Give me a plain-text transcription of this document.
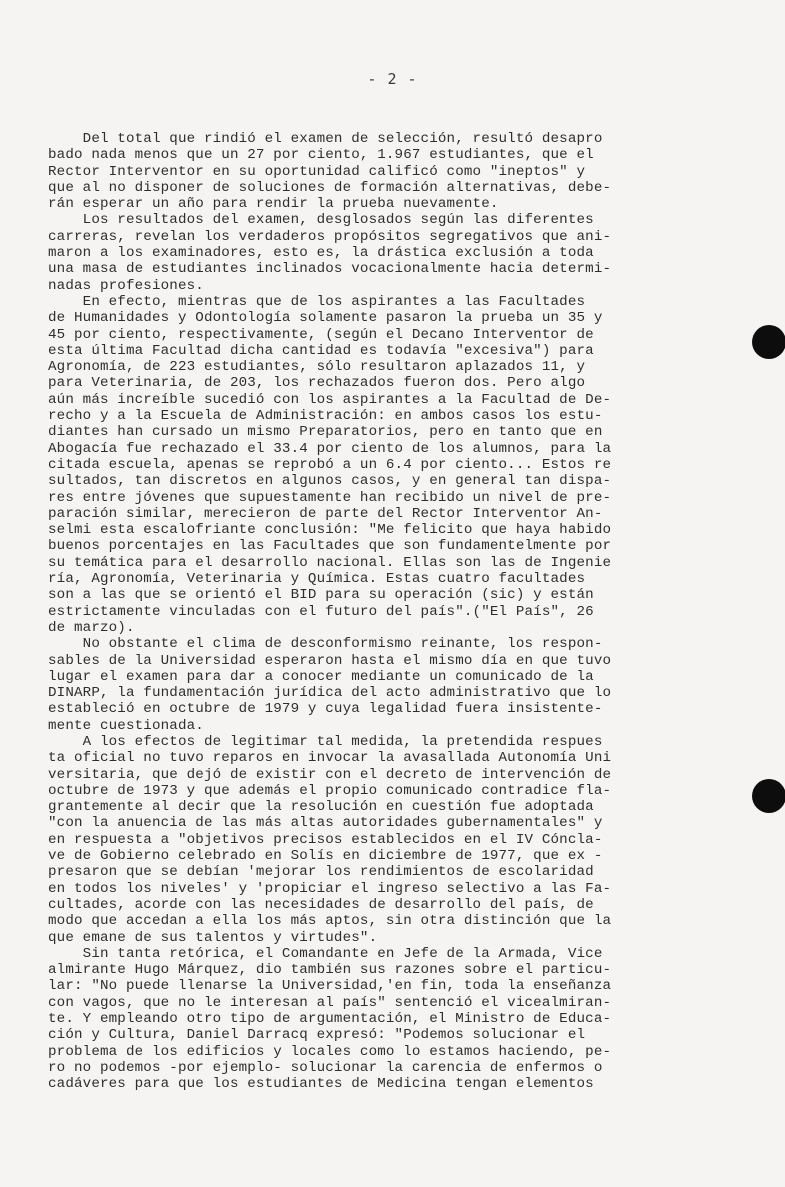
- 2 -
Del total que rindió el examen de selección, resultó desapro
bado nada menos que un 27 por ciento, 1.967 estudiantes, que el
Rector Interventor en su oportunidad calificó como "ineptos" y
que al no disponer de soluciones de formación alternativas, debe-
rán esperar un año para rendir la prueba nuevamente.
Los resultados del examen, desglosados según las diferentes
carreras, revelan los verdaderos propósitos segregativos que ani-
maron a los examinadores, esto es, la drástica exclusión a toda
una masa de estudiantes inclinados vocacionalmente hacia determi-
nadas profesiones.
En efecto, mientras que de los aspirantes a las Facultades
de Humanidades y Odontología solamente pasaron la prueba un 35 y
45 por ciento, respectivamente, (según el Decano Interventor de
esta última Facultad dicha cantidad es todavía "excesiva") para
Agronomía, de 223 estudiantes, sólo resultaron aplazados 11, y
para Veterinaria, de 203, los rechazados fueron dos. Pero algo
aún más increíble sucedió con los aspirantes a la Facultad de De-
recho y a la Escuela de Administración: en ambos casos los estu-
diantes han cursado un mismo Preparatorios, pero en tanto que en
Abogacía fue rechazado el 33.4 por ciento de los alumnos, para la
citada escuela, apenas se reprobó a un 6.4 por ciento... Estos re
sultados, tan discretos en algunos casos, y en general tan dispa-
res entre jóvenes que supuestamente han recibido un nivel de pre-
paración similar, merecieron de parte del Rector Interventor An-
selmi esta escalofriante conclusión: "Me felicito que haya habido
buenos porcentajes en las Facultades que son fundamentelmente por
su temática para el desarrollo nacional. Ellas son las de Ingenie
ría, Agronomía, Veterinaria y Química. Estas cuatro facultades
son a las que se orientó el BID para su operación (sic) y están
estrictamente vinculadas con el futuro del país".("El País", 26
de marzo).
No obstante el clima de desconformismo reinante, los respon-
sables de la Universidad esperaron hasta el mismo día en que tuvo
lugar el examen para dar a conocer mediante un comunicado de la
DINARP, la fundamentación jurídica del acto administrativo que lo
estableció en octubre de 1979 y cuya legalidad fuera insistente-
mente cuestionada.
A los efectos de legitimar tal medida, la pretendida respues
ta oficial no tuvo reparos en invocar la avasallada Autonomía Uni
versitaria, que dejó de existir con el decreto de intervención de
octubre de 1973 y que además el propio comunicado contradice fla-
grantemente al decir que la resolución en cuestión fue adoptada
"con la anuencia de las más altas autoridades gubernamentales" y
en respuesta a "objetivos precisos establecidos en el IV Cóncla-
ve de Gobierno celebrado en Solís en diciembre de 1977, que ex -
presaron que se debían 'mejorar los rendimientos de escolaridad
en todos los niveles' y 'propiciar el ingreso selectivo a las Fa-
cultades, acorde con las necesidades de desarrollo del país, de
modo que accedan a ella los más aptos, sin otra distinción que la
que emane de sus talentos y virtudes".
Sin tanta retórica, el Comandante en Jefe de la Armada, Vice
almirante Hugo Márquez, dio también sus razones sobre el particu-
lar: "No puede llenarse la Universidad,'en fin, toda la enseñanza
con vagos, que no le interesan al país" sentenció el vicealmiran-
te. Y empleando otro tipo de argumentación, el Ministro de Educa-
ción y Cultura, Daniel Darracq expresó: "Podemos solucionar el
problema de los edificios y locales como lo estamos haciendo, pe-
ro no podemos -por ejemplo- solucionar la carencia de enfermos o
cadáveres para que los estudiantes de Medicina tengan elementos
